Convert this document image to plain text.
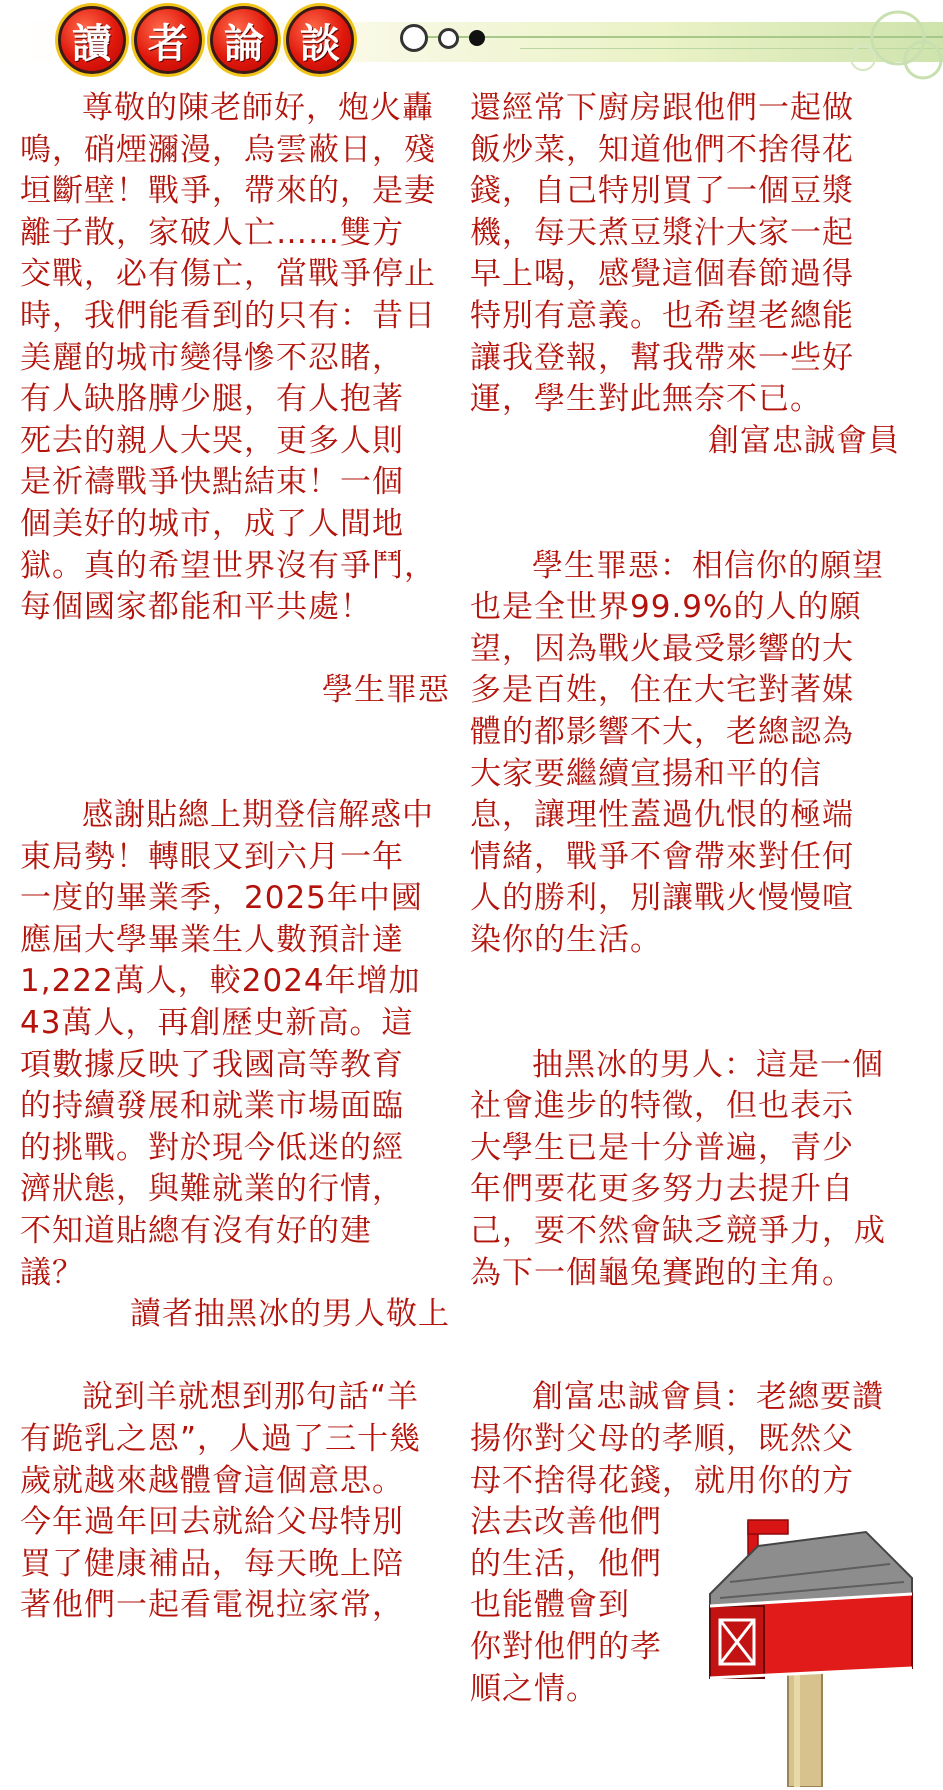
讀 者 論 談

尊敬的陳老師好，炮火轟

鳴，硝煙瀰漫，烏雲蔽日，殘

垣斷壁！戰爭，帶來的，是妻

離子散，家破人亡……雙方

交戰，必有傷亡，當戰爭停止

時，我們能看到的只有：昔日

美麗的城市變得慘不忍睹，

有人缺胳膊少腿，有人抱著

死去的親人大哭，更多人則

是祈禱戰爭快點結束！一個

個美好的城市，成了人間地

獄。真的希望世界沒有爭鬥，

每個國家都能和平共處！

學生罪惡

感謝貼總上期登信解惑中

東局勢！轉眼又到六月一年

一度的畢業季，2025年中國

應屆大學畢業生人數預計達

1,222萬人，較2024年增加

43萬人，再創歷史新高。這

項數據反映了我國高等教育

的持續發展和就業市場面臨

的挑戰。對於現今低迷的經

濟狀態，與難就業的行情，

不知道貼總有沒有好的建

議？

讀者抽黑冰的男人敬上

說到羊就想到那句話“羊

有跪乳之恩”，人過了三十幾

歲就越來越體會這個意思。

今年過年回去就給父母特別

買了健康補品，每天晚上陪

著他們一起看電視拉家常，

還經常下廚房跟他們一起做

飯炒菜，知道他們不捨得花

錢，自己特別買了一個豆漿

機，每天煮豆漿汁大家一起

早上喝，感覺這個春節過得

特別有意義。也希望老總能

讓我登報，幫我帶來一些好

運，學生對此無奈不已。

創富忠誠會員

學生罪惡：相信你的願望

也是全世界99.9%的人的願

望，因為戰火最受影響的大

多是百姓，住在大宅對著媒

體的都影響不大，老總認為

大家要繼續宣揚和平的信

息，讓理性蓋過仇恨的極端

情緒，戰爭不會帶來對任何

人的勝利，別讓戰火慢慢喧

染你的生活。

抽黑冰的男人：這是一個

社會進步的特徵，但也表示

大學生已是十分普遍，青少

年們要花更多努力去提升自

己，要不然會缺乏競爭力，成

為下一個龜兔賽跑的主角。

創富忠誠會員：老總要讚

揚你對父母的孝順，既然父

母不捨得花錢，就用你的方

法去改善他們

的生活，他們

也能體會到

你對他們的孝

順之情。
